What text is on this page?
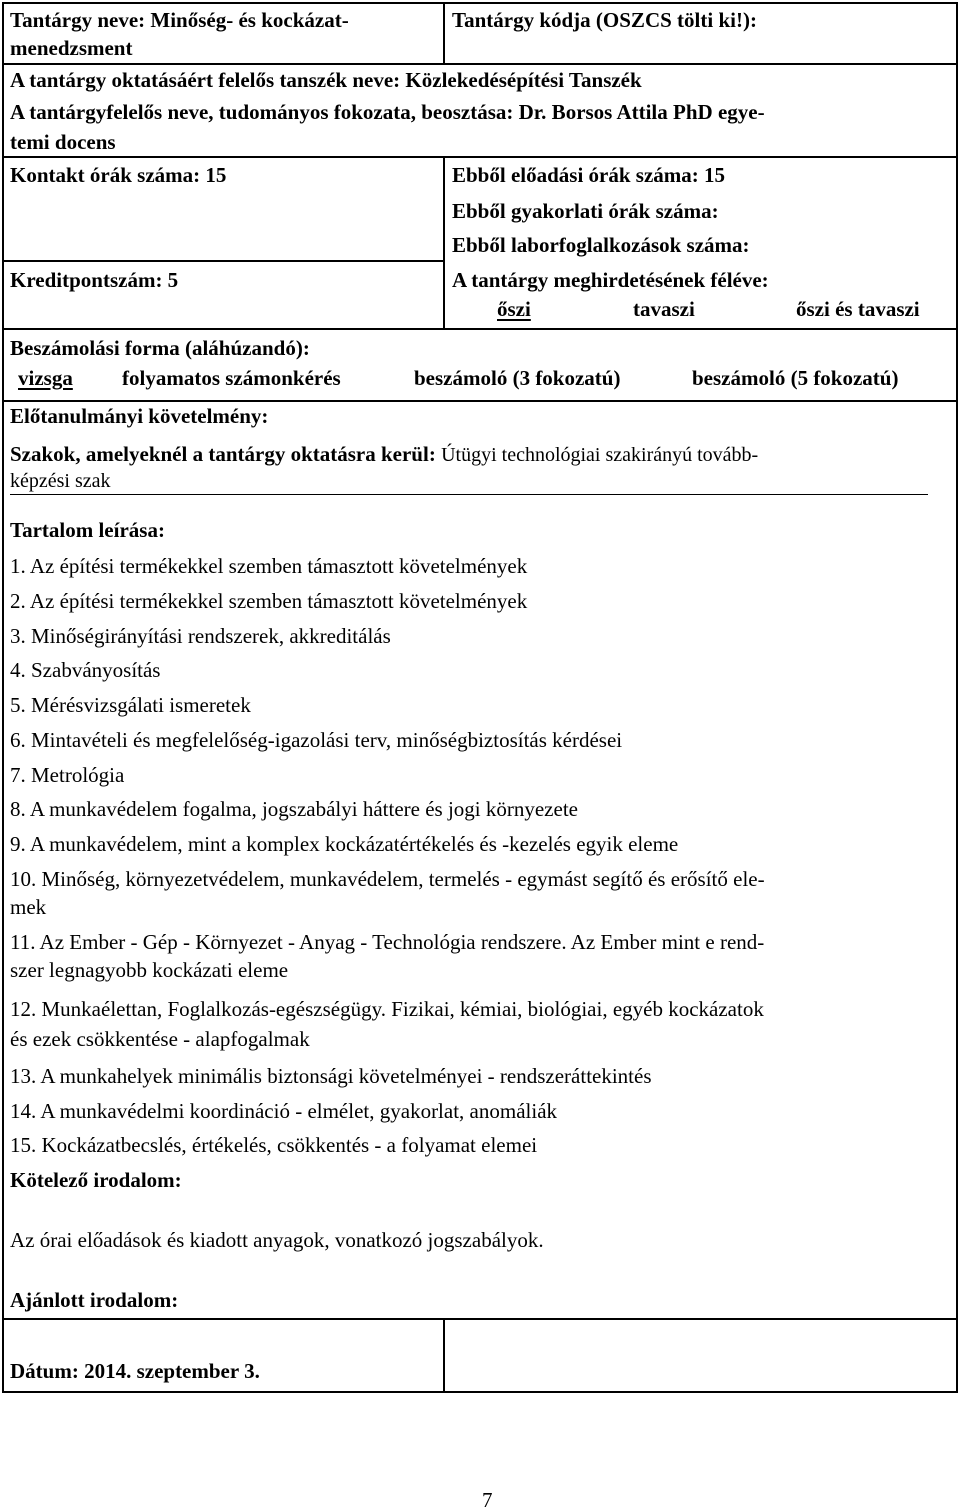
Tantárgy neve: Minőség- és kockázat-
menedzsment
Tantárgy kódja (OSZCS tölti ki!):
A tantárgy oktatásáért felelős tanszék neve: Közlekedésépítési Tanszék
A tantárgyfelelős neve, tudományos fokozata, beosztása: Dr. Borsos Attila PhD egye-
temi docens
Kontakt órák száma: 15	Ebből előadási órák száma: 15
Ebből gyakorlati órák száma:
Ebből laborfoglalkozások száma:
Kreditpontszám: 5	A tantárgy meghirdetésének féléve:
őszi	tavaszi	őszi és tavaszi
Beszámolási forma (aláhúzandó):
vizsga folyamatos számonkérés	beszámoló (3 fokozatú)	beszámoló (5 fokozatú)
Előtanulmányi követelmény:
Szakok, amelyeknél a tantárgy oktatásra kerül: Útügyi technológiai szakirányú tovább-
képzési szak
Tartalom leírása:
1. Az építési termékekkel szemben támasztott követelmények
2. Az építési termékekkel szemben támasztott követelmények
3. Minőségirányítási rendszerek, akkreditálás
4. Szabványosítás
5. Mérésvizsgálati ismeretek
6. Mintavételi és megfelelőség-igazolási terv, minőségbiztosítás kérdései
7. Metrológia
8. A munkavédelem fogalma, jogszabályi háttere és jogi környezete
9. A munkavédelem, mint a komplex kockázatértékelés és -kezelés egyik eleme
10. Minőség, környezetvédelem, munkavédelem, termelés - egymást segítő és erősítő ele-
mek
11. Az Ember - Gép - Környezet - Anyag - Technológia rendszere. Az Ember mint e rend-
szer legnagyobb kockázati eleme
12. Munkaélettan, Foglalkozás-egészségügy. Fizikai, kémiai, biológiai, egyéb kockázatok
és ezek csökkentése - alapfogalmak
13. A munkahelyek minimális biztonsági követelményei - rendszeráttekintés
14. A munkavédelmi koordináció - elmélet, gyakorlat, anomáliák
15. Kockázatbecslés, értékelés, csökkentés - a folyamat elemei
Kötelező irodalom:
Az órai előadások és kiadott anyagok, vonatkozó jogszabályok.
Ajánlott irodalom:
Dátum: 2014. szeptember 3.
7
